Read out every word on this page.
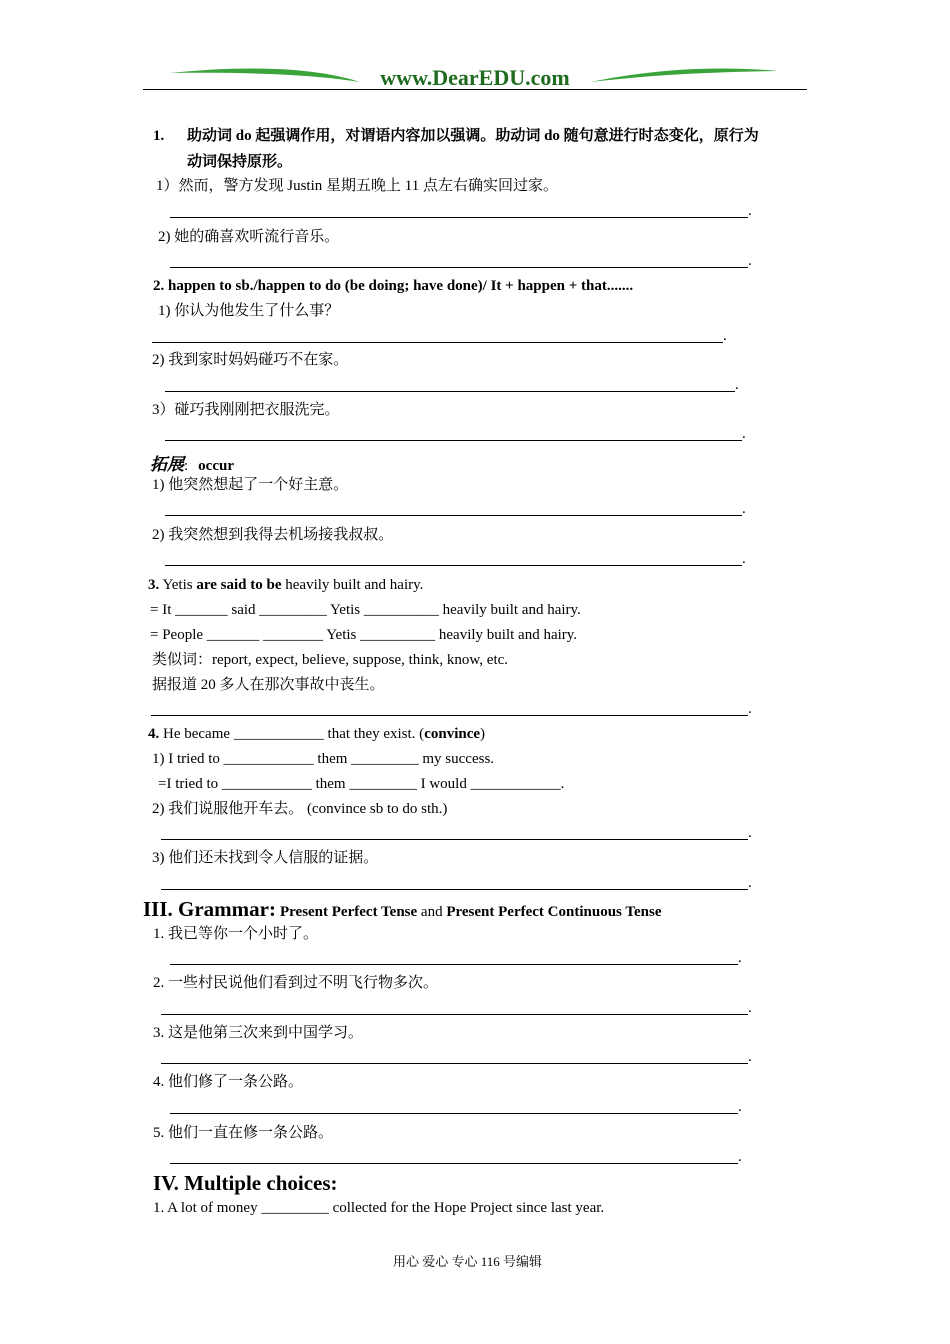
www.DearEDU.com
1. 助动词 do 起强调作用，对谓语内容加以强调。助动词 do 随句意进行时态变化，原行为
动词保持原形。
1）然而，警方发现 Justin 星期五晚上 11 点左右确实回过家。
.
2) 她的确喜欢听流行音乐。
.
2. happen to sb./happen to do (be doing; have done)/ It + happen + that.......
1) 你认为他发生了什么事？
.
2) 我到家时妈妈碰巧不在家。
.
3）碰巧我刚刚把衣服洗完。
.
拓展: occur
1) 他突然想起了一个好主意。
.
2) 我突然想到我得去机场接我叔叔。
.
3. Yetis are said to be heavily built and hairy.
= It _______ said _________ Yetis __________ heavily built and hairy.
= People _______ ________ Yetis __________ heavily built and hairy.
类似词：report, expect, believe, suppose, think, know, etc.
据报道 20 多人在那次事故中丧生。
.
4. He became ____________ that they exist. (convince)
1) I tried to ____________ them _________ my success.
=I tried to ____________ them _________ I would ____________.
2) 我们说服他开车去。 (convince sb to do sth.)
.
3) 他们还未找到令人信服的证据。
.
III. Grammar: Present Perfect Tense and Present Perfect Continuous Tense
1. 我已等你一个小时了。
.
2. 一些村民说他们看到过不明飞行物多次。
.
3. 这是他第三次来到中国学习。
.
4. 他们修了一条公路。
.
5. 他们一直在修一条公路。
.
IV. Multiple choices:
1. A lot of money _________ collected for the Hope Project since last year.
用心 爱心 专心 116 号编辑
